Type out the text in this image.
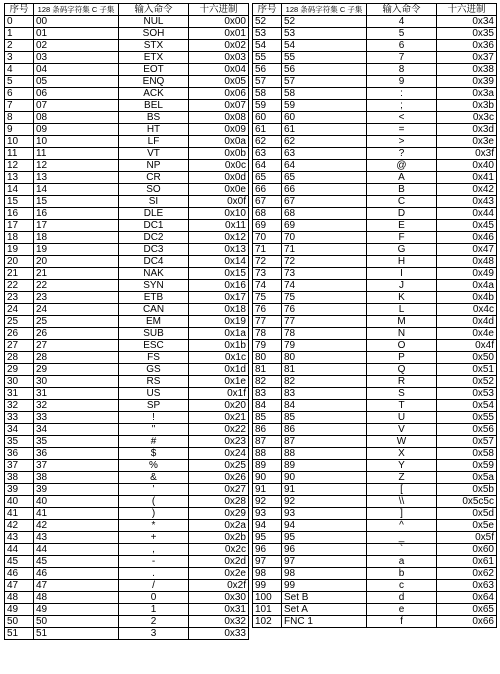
序号	128 条码字符集 C 子集	输入命令	十六进制
0	00	NUL	0x00
1	01	SOH	0x01
2	02	STX	0x02
3	03	ETX	0x03
4	04	EOT	0x04
5	05	ENQ	0x05
6	06	ACK	0x06
7	07	BEL	0x07
8	08	BS	0x08
9	09	HT	0x09
10	10	LF	0x0a
11	11	VT	0x0b
12	12	NP	0x0c
13	13	CR	0x0d
14	14	SO	0x0e
15	15	SI	0x0f
16	16	DLE	0x10
17	17	DC1	0x11
18	18	DC2	0x12
19	19	DC3	0x13
20	20	DC4	0x14
21	21	NAK	0x15
22	22	SYN	0x16
23	23	ETB	0x17
24	24	CAN	0x18
25	25	EM	0x19
26	26	SUB	0x1a
27	27	ESC	0x1b
28	28	FS	0x1c
29	29	GS	0x1d
30	30	RS	0x1e
31	31	US	0x1f
32	32	SP	0x20
33	33	!	0x21
34	34	"	0x22
35	35	#	0x23
36	36	$	0x24
37	37	%	0x25
38	38	&	0x26
39	39	'	0x27
40	40	(	0x28
41	41	)	0x29
42	42	*	0x2a
43	43	+	0x2b
44	44	,	0x2c
45	45	-	0x2d
46	46	.	0x2e
47	47	/	0x2f
48	48	0	0x30
49	49	1	0x31
50	50	2	0x32
51	51	3	0x33
序号	128 条码字符集 C 子集	输入命令	十六进制
52	52	4	0x34
53	53	5	0x35
54	54	6	0x36
55	55	7	0x37
56	56	8	0x38
57	57	9	0x39
58	58	:	0x3a
59	59	;	0x3b
60	60	<	0x3c
61	61	=	0x3d
62	62	>	0x3e
63	63	?	0x3f
64	64	@	0x40
65	65	A	0x41
66	66	B	0x42
67	67	C	0x43
68	68	D	0x44
69	69	E	0x45
70	70	F	0x46
71	71	G	0x47
72	72	H	0x48
73	73	I	0x49
74	74	J	0x4a
75	75	K	0x4b
76	76	L	0x4c
77	77	M	0x4d
78	78	N	0x4e
79	79	O	0x4f
80	80	P	0x50
81	81	Q	0x51
82	82	R	0x52
83	83	S	0x53
84	84	T	0x54
85	85	U	0x55
86	86	V	0x56
87	87	W	0x57
88	88	X	0x58
89	89	Y	0x59
90	90	Z	0x5a
91	91	[	0x5b
92	92	\\	0x5c5c
93	93	]	0x5d
94	94	^	0x5e
95	95	_	0x5f
96	96	`	0x60
97	97	a	0x61
98	98	b	0x62
99	99	c	0x63
100	Set B	d	0x64
101	Set A	e	0x65
102	FNC 1	f	0x66
